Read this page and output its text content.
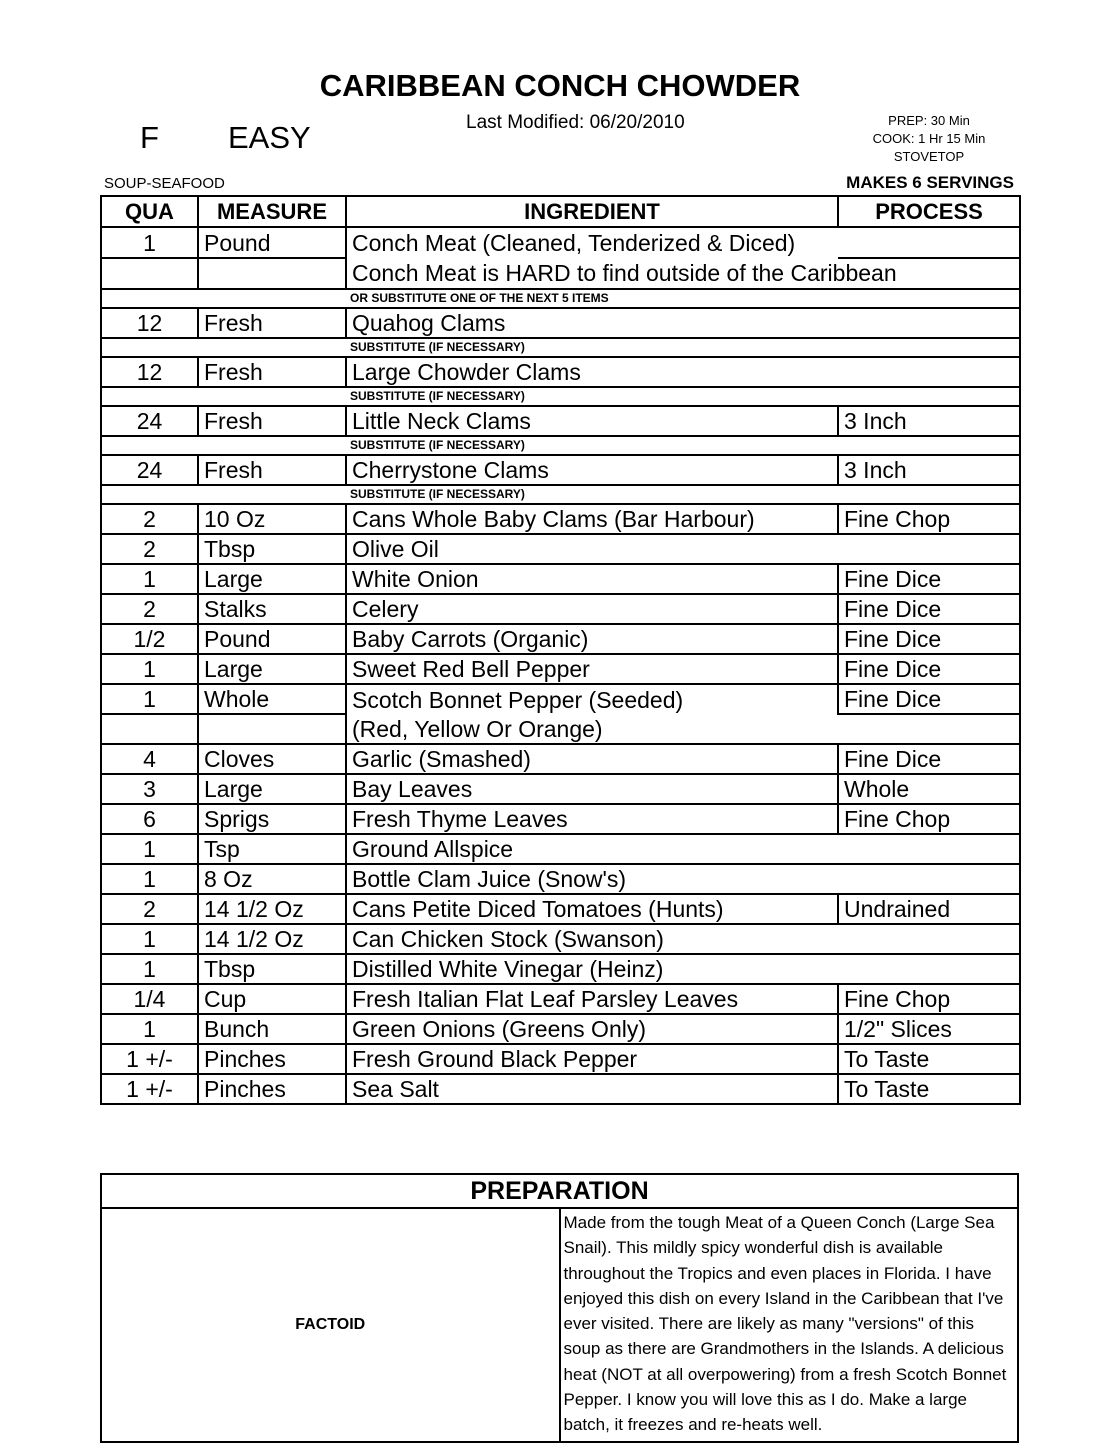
CARIBBEAN CONCH CHOWDER
Last Modified: 06/20/2010
F EASY	PREP: 30 Min
COOK: 1 Hr 15 Min
STOVETOP
SOUP-SEAFOOD	MAKES 6 SERVINGS
QUA	MEASURE	INGREDIENT	PROCESS
1	Pound	Conch Meat (Cleaned, Tenderized & Diced)	
		Conch Meat is HARD to find outside of the Caribbean	
OR SUBSTITUTE ONE OF THE NEXT 5 ITEMS			
12	Fresh	Quahog Clams	
SUBSTITUTE (IF NECESSARY)			
12	Fresh	Large Chowder Clams	
SUBSTITUTE (IF NECESSARY)			
24	Fresh	Little Neck Clams	3 Inch
SUBSTITUTE (IF NECESSARY)			
24	Fresh	Cherrystone Clams	3 Inch
SUBSTITUTE (IF NECESSARY)			
2	10 Oz	Cans Whole Baby Clams (Bar Harbour)	Fine Chop
2	Tbsp	Olive Oil	
1	Large	White Onion	Fine Dice
2	Stalks	Celery	Fine Dice
1/2	Pound	Baby Carrots (Organic)	Fine Dice
1	Large	Sweet Red Bell Pepper	Fine Dice
1	Whole	Scotch Bonnet Pepper (Seeded)	Fine Dice
		(Red, Yellow Or Orange)	
4	Cloves	Garlic (Smashed)	Fine Dice
3	Large	Bay Leaves	Whole
6	Sprigs	Fresh Thyme Leaves	Fine Chop
1	Tsp	Ground Allspice	
1	8 Oz	Bottle Clam Juice (Snow's)	
2	14 1/2 Oz	Cans Petite Diced Tomatoes (Hunts)	Undrained
1	14 1/2 Oz	Can Chicken Stock (Swanson)	
1	Tbsp	Distilled White Vinegar (Heinz)	
1/4	Cup	Fresh Italian Flat Leaf Parsley Leaves	Fine Chop
1	Bunch	Green Onions (Greens Only)	1/2" Slices
1 +/-	Pinches	Fresh Ground Black Pepper	To Taste
1 +/-	Pinches	Sea Salt	To Taste
PREPARATION
FACTOID	Made from the tough Meat of a Queen Conch (Large Sea Snail). This mildly spicy wonderful dish is available throughout the Tropics and even places in Florida. I have enjoyed this dish on every Island in the Caribbean that I've ever visited. There are likely as many "versions" of this soup as there are Grandmothers in the Islands. A delicious heat (NOT at all overpowering) from a fresh Scotch Bonnet Pepper. I know you will love this as I do. Make a large batch, it freezes and re-heats well.
